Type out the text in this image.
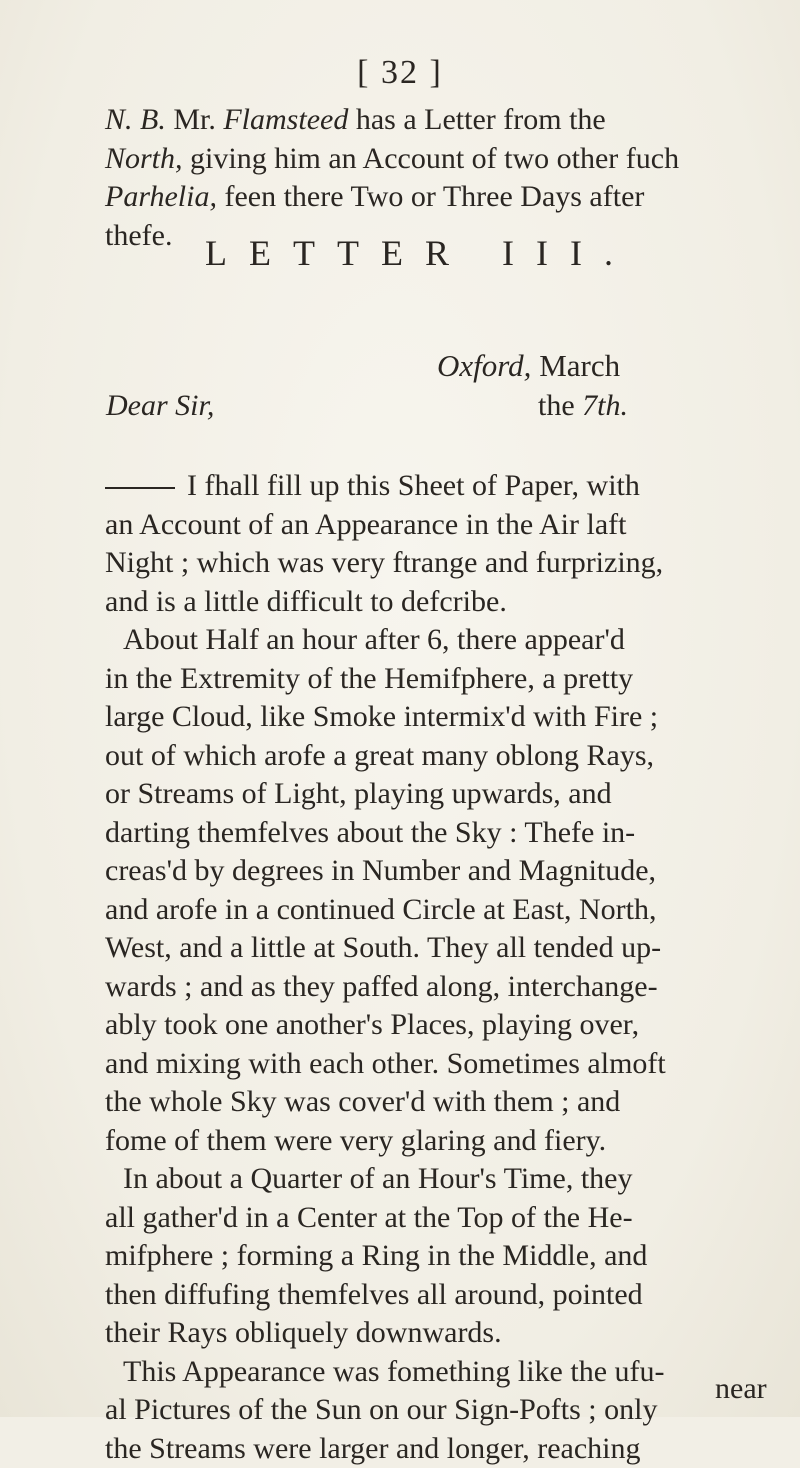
[ 32 ]
N. B. Mr. Flamsteed has a Letter from the
North, giving him an Account of two other fuch
Parhelia, feen there Two or Three Days after
thefe. LETTER III.
Oxford, March
Dear Sir,	the 7th.
I fhall fill up this Sheet of Paper, with
an Account of an Appearance in the Air laft
Night ; which was very ftrange and furprizing,
and is a little difficult to defcribe.
About Half an hour after 6, there appear'd
in the Extremity of the Hemifphere, a pretty
large Cloud, like Smoke intermix'd with Fire ;
out of which arofe a great many oblong Rays,
or Streams of Light, playing upwards, and
darting themfelves about the Sky : Thefe in-
creas'd by degrees in Number and Magnitude,
and arofe in a continued Circle at East, North,
West, and a little at South. They all tended up-
wards ; and as they paffed along, interchange-
ably took one another's Places, playing over,
and mixing with each other. Sometimes almoft
the whole Sky was cover'd with them ; and
fome of them were very glaring and fiery.
In about a Quarter of an Hour's Time, they
all gather'd in a Center at the Top of the He-
mifphere ; forming a Ring in the Middle, and
then diffufing themfelves all around, pointed
their Rays obliquely downwards.
This Appearance was fomething like the ufu-
al Pictures of the Sun on our Sign-Pofts ; only
the Streams were larger and longer, reaching
near
